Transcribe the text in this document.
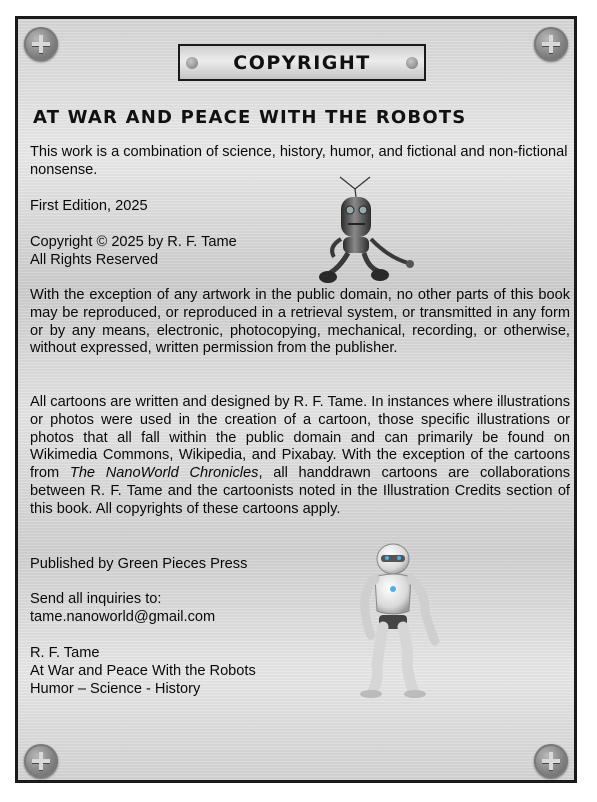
COPYRIGHT
AT WAR AND PEACE WITH THE ROBOTS

This work is a combination of science, history, humor, and fictional and non-fictional nonsense.

First Edition, 2025

Copyright © 2025 by R. F. Tame

All Rights Reserved

With the exception of any artwork in the public domain, no other parts of this book may be reproduced, or reproduced in a retrieval system, or transmitted in any form or by any means, electronic, photocopying, mechanical, recording, or otherwise, without expressed, written permission from the publisher.

All cartoons are written and designed by R. F. Tame. In instances where illustrations or photos were used in the creation of a cartoon, those specific illustrations or photos that all fall within the public domain and can primarily be found on Wikimedia Commons, Wikipedia, and Pixabay. With the exception of the cartoons from The NanoWorld Chronicles, all handdrawn cartoons are collaborations between R. F. Tame and the cartoonists noted in the Illustration Credits section of this book. All copyrights of these cartoons apply.

Published by Green Pieces Press

Send all inquiries to:

tame.nanoworld@gmail.com

R. F. Tame

At War and Peace With the Robots

Humor – Science - History
